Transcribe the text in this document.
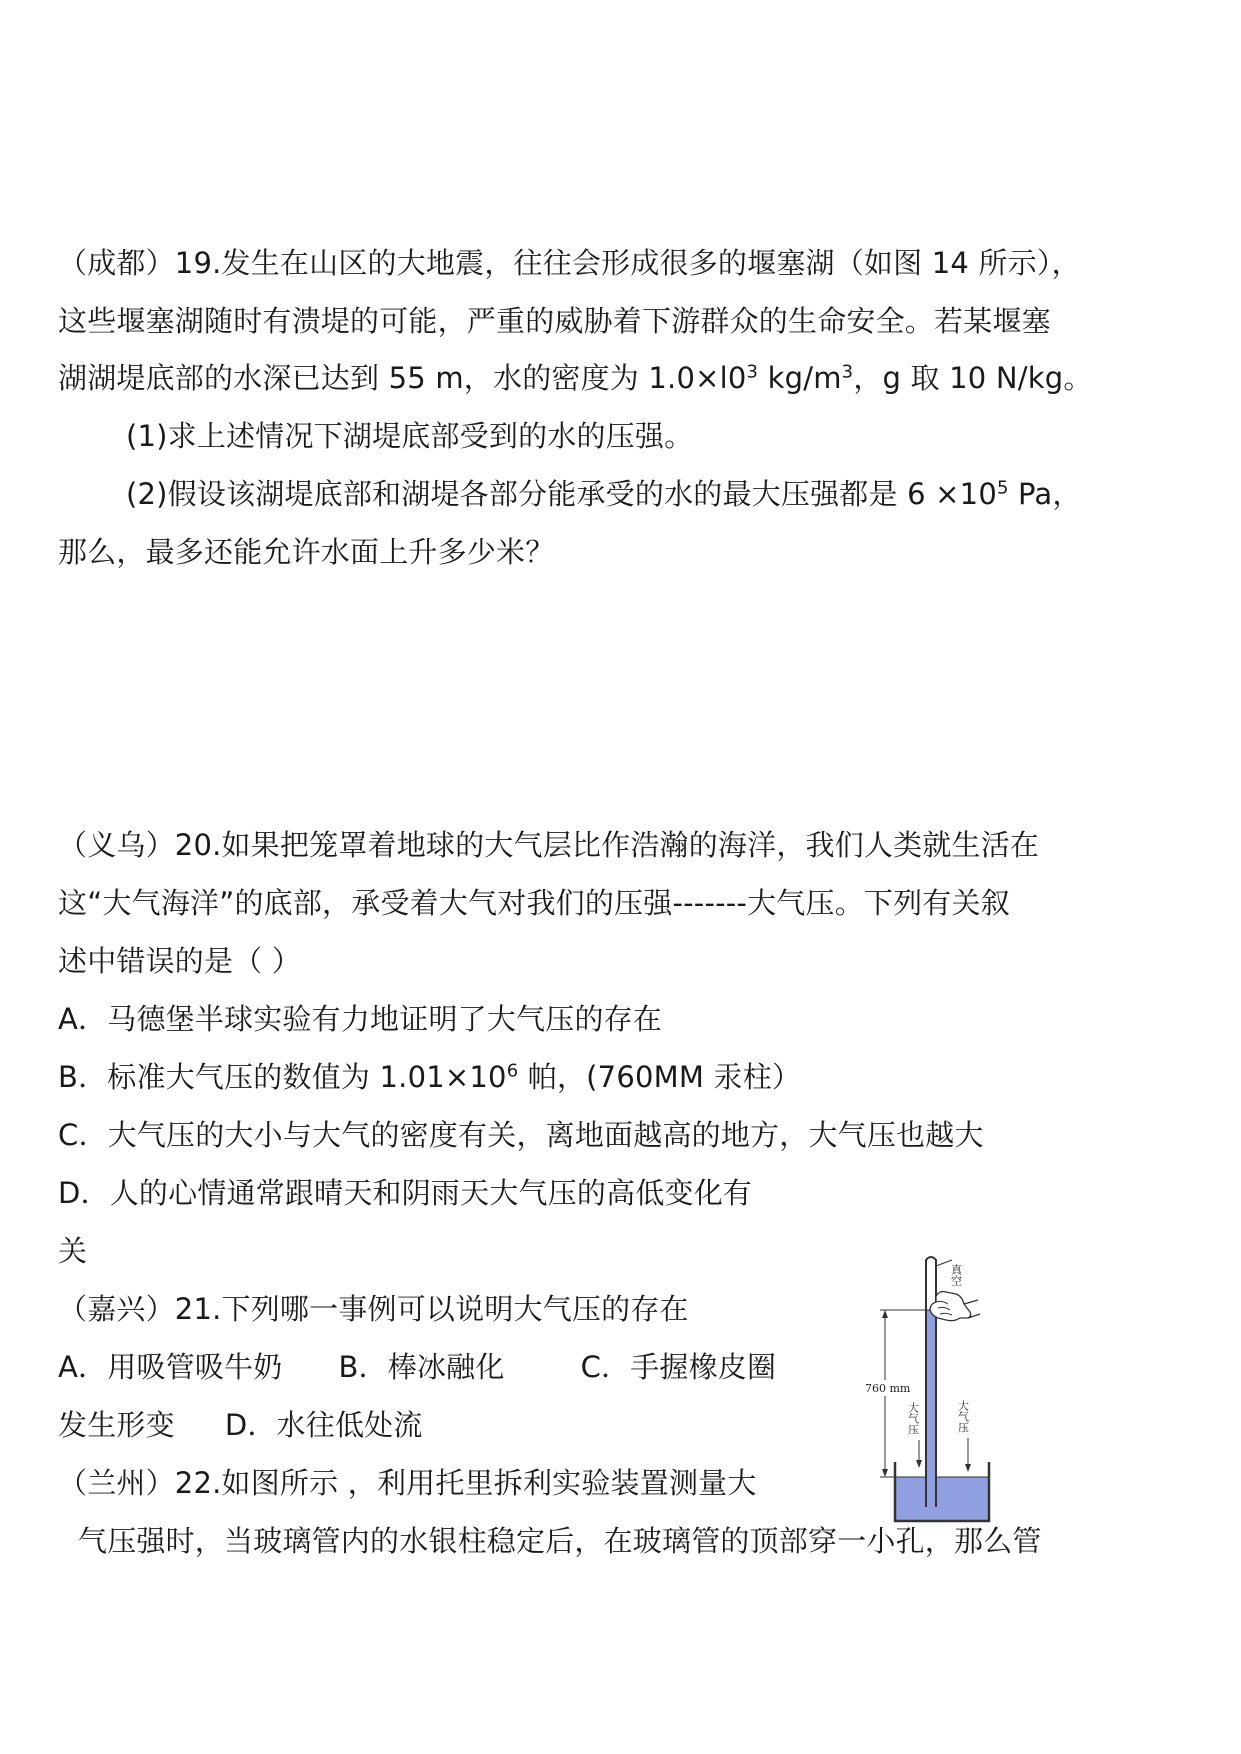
（成都）19.发生在山区的大地震，往往会形成很多的堰塞湖（如图 14 所示），
这些堰塞湖随时有溃堤的可能，严重的威胁着下游群众的生命安全。若某堰塞
湖湖堤底部的水深已达到 55 m，水的密度为 $1.0\times l0^3$ $kg/m^3$，g 取 10 N/kg。
(1)求上述情况下湖堤底部受到的水的压强。
(2)假设该湖堤底部和湖堤各部分能承受的水的最大压强都是 $6 \times 10^5$ Pa，
那么，最多还能允许水面上升多少米？
（义乌）20.如果把笼罩着地球的大气层比作浩瀚的海洋，我们人类就生活在
这“大气海洋”的底部，承受着大气对我们的压强-------大气压。下列有关叙
述中错误的是（ ）
A．马德堡半球实验有力地证明了大气压的存在
B．标准大气压的数值为 $1.01\times 10^6$ 帕，(760MM 汞柱）
C．大气压的大小与大气的密度有关，离地面越高的地方，大气压也越大
D．人的心情通常跟晴天和阴雨天大气压的高低变化有
关
（嘉兴）21.下列哪一事例可以说明大气压的存在
A．用吸管吸牛奶 B．棒冰融化	C．手握橡皮圈
发生形变 D．水往低处流
（兰州）22.如图所示 ，利用托里拆利实验装置测量大
气压强时，当玻璃管内的水银柱稳定后，在玻璃管的顶部穿一小孔，那么管
真空
760 mm
大气压	大气压
